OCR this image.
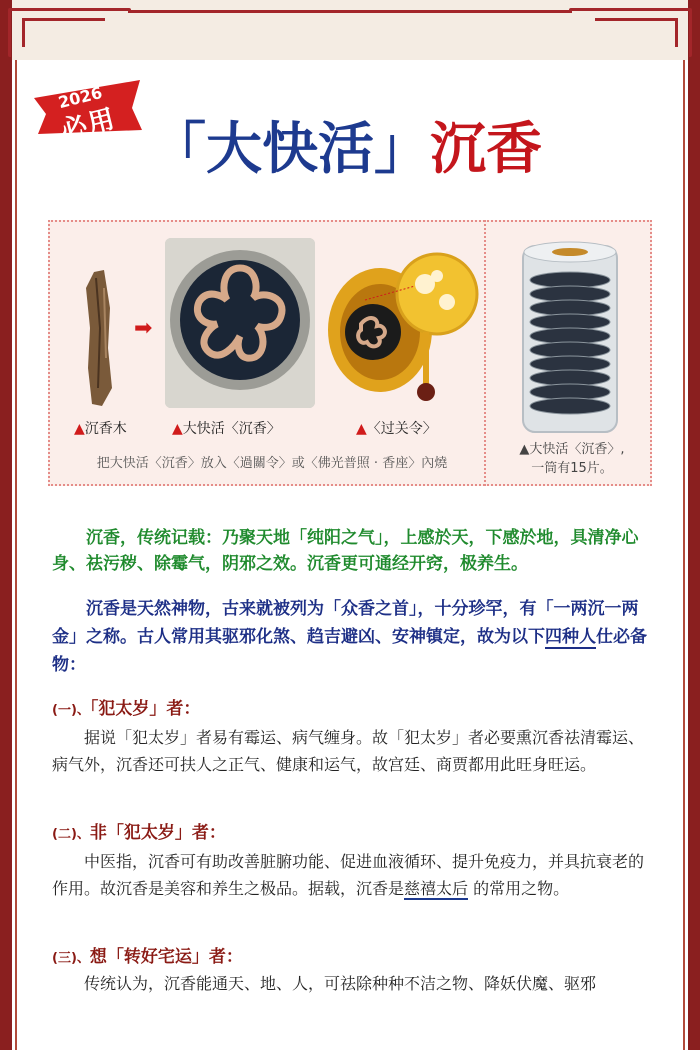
2026
必用 「大快活」沉香
➡
▲沉香木	▲大快活〈沉香〉	▲〈过关令〉
把大快活〈沉香〉放入〈過關令〉或〈佛光普照 · 香座〉內燒
▲大快活〈沉香〉,
一筒有15片。
　　沉香，传统记载：乃聚天地「纯阳之气」，上感於天，下感於地，具清净心身、祛污秽、除霉气，阴邪之效。沉香更可通经开窍，极养生。
　　沉香是天然神物，古来就被列为「众香之首」，十分珍罕，有「一两沉一两金」之称。古人常用其驱邪化煞、趋吉避凶、安神镇定，故为以下四种人仕必备物：
(一)、「犯太岁」者：
　　据说「犯太岁」者易有霉运、病气缠身。故「犯太岁」者必要熏沉香祛清霉运、病气外，沉香还可扶人之正气、健康和运气，故宫廷、商贾都用此旺身旺运。
(二)、非「犯太岁」者：
　　中医指，沉香可有助改善脏腑功能、促进血液循环、提升免疫力，并具抗衰老的作用。故沉香是美容和养生之极品。据载，沉香是慈禧太后 的常用之物。
(三)、想「转好宅运」者：
　　传统认为，沉香能通天、地、人，可祛除种种不洁之物、降妖伏魔、驱邪
